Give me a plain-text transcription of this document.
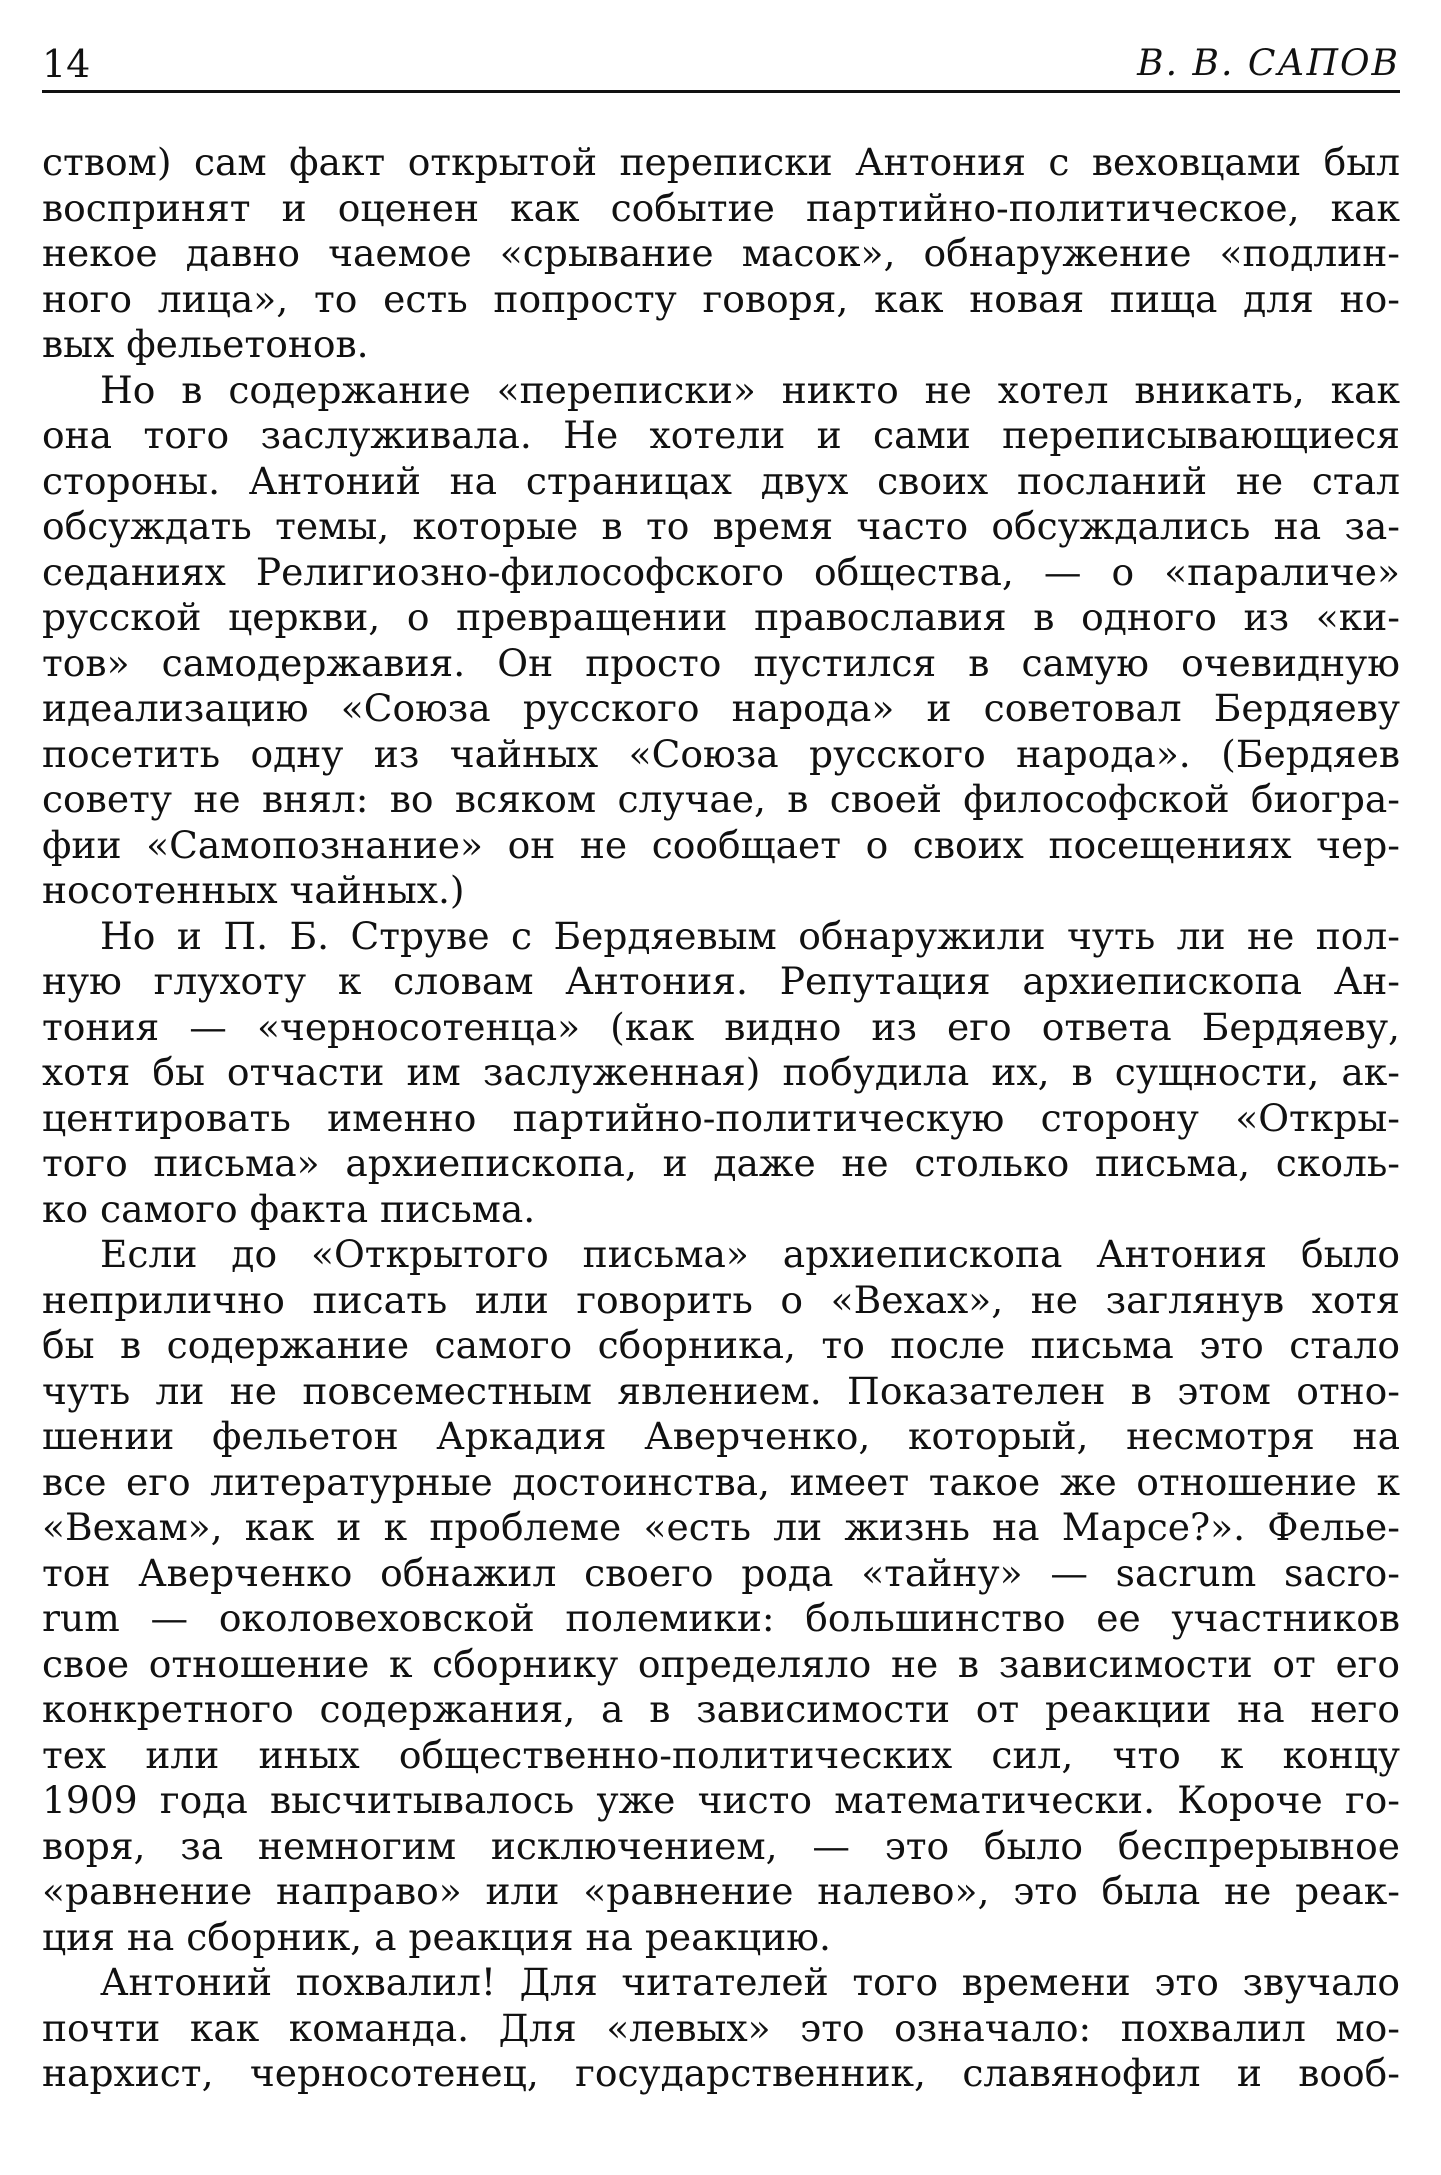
14	В. В. САПОВ
ством) сам факт открытой переписки Антония с веховцами был
воспринят и оценен как событие партийно-политическое, как
некое давно чаемое «срывание масок», обнаружение «подлин-
ного лица», то есть попросту говоря, как новая пища для но-
вых фельетонов.
Но в содержание «переписки» никто не хотел вникать, как
она того заслуживала. Не хотели и сами переписывающиеся
стороны. Антоний на страницах двух своих посланий не стал
обсуждать темы, которые в то время часто обсуждались на за-
седаниях Религиозно-философского общества, — о «параличе»
русской церкви, о превращении православия в одного из «ки-
тов» самодержавия. Он просто пустился в самую очевидную
идеализацию «Союза русского народа» и советовал Бердяеву
посетить одну из чайных «Союза русского народа». (Бердяев
совету не внял: во всяком случае, в своей философской биогра-
фии «Самопознание» он не сообщает о своих посещениях чер-
носотенных чайных.)
Но и П. Б. Струве с Бердяевым обнаружили чуть ли не пол-
ную глухоту к словам Антония. Репутация архиепископа Ан-
тония — «черносотенца» (как видно из его ответа Бердяеву,
хотя бы отчасти им заслуженная) побудила их, в сущности, ак-
центировать именно партийно-политическую сторону «Откры-
того письма» архиепископа, и даже не столько письма, сколь-
ко самого факта письма.
Если до «Открытого письма» архиепископа Антония было
неприлично писать или говорить о «Вехах», не заглянув хотя
бы в содержание самого сборника, то после письма это стало
чуть ли не повсеместным явлением. Показателен в этом отно-
шении фельетон Аркадия Аверченко, который, несмотря на
все его литературные достоинства, имеет такое же отношение к
«Вехам», как и к проблеме «есть ли жизнь на Марсе?». Фелье-
тон Аверченко обнажил своего рода «тайну» — sacrum sacro-
rum — околовеховской полемики: большинство ее участников
свое отношение к сборнику определяло не в зависимости от его
конкретного содержания, а в зависимости от реакции на него
тех или иных общественно-политических сил, что к концу
1909 года высчитывалось уже чисто математически. Короче го-
воря, за немногим исключением, — это было беспрерывное
«равнение направо» или «равнение налево», это была не реак-
ция на сборник, а реакция на реакцию.
Антоний похвалил! Для читателей того времени это звучало
почти как команда. Для «левых» это означало: похвалил мо-
нархист, черносотенец, государственник, славянофил и вооб-
